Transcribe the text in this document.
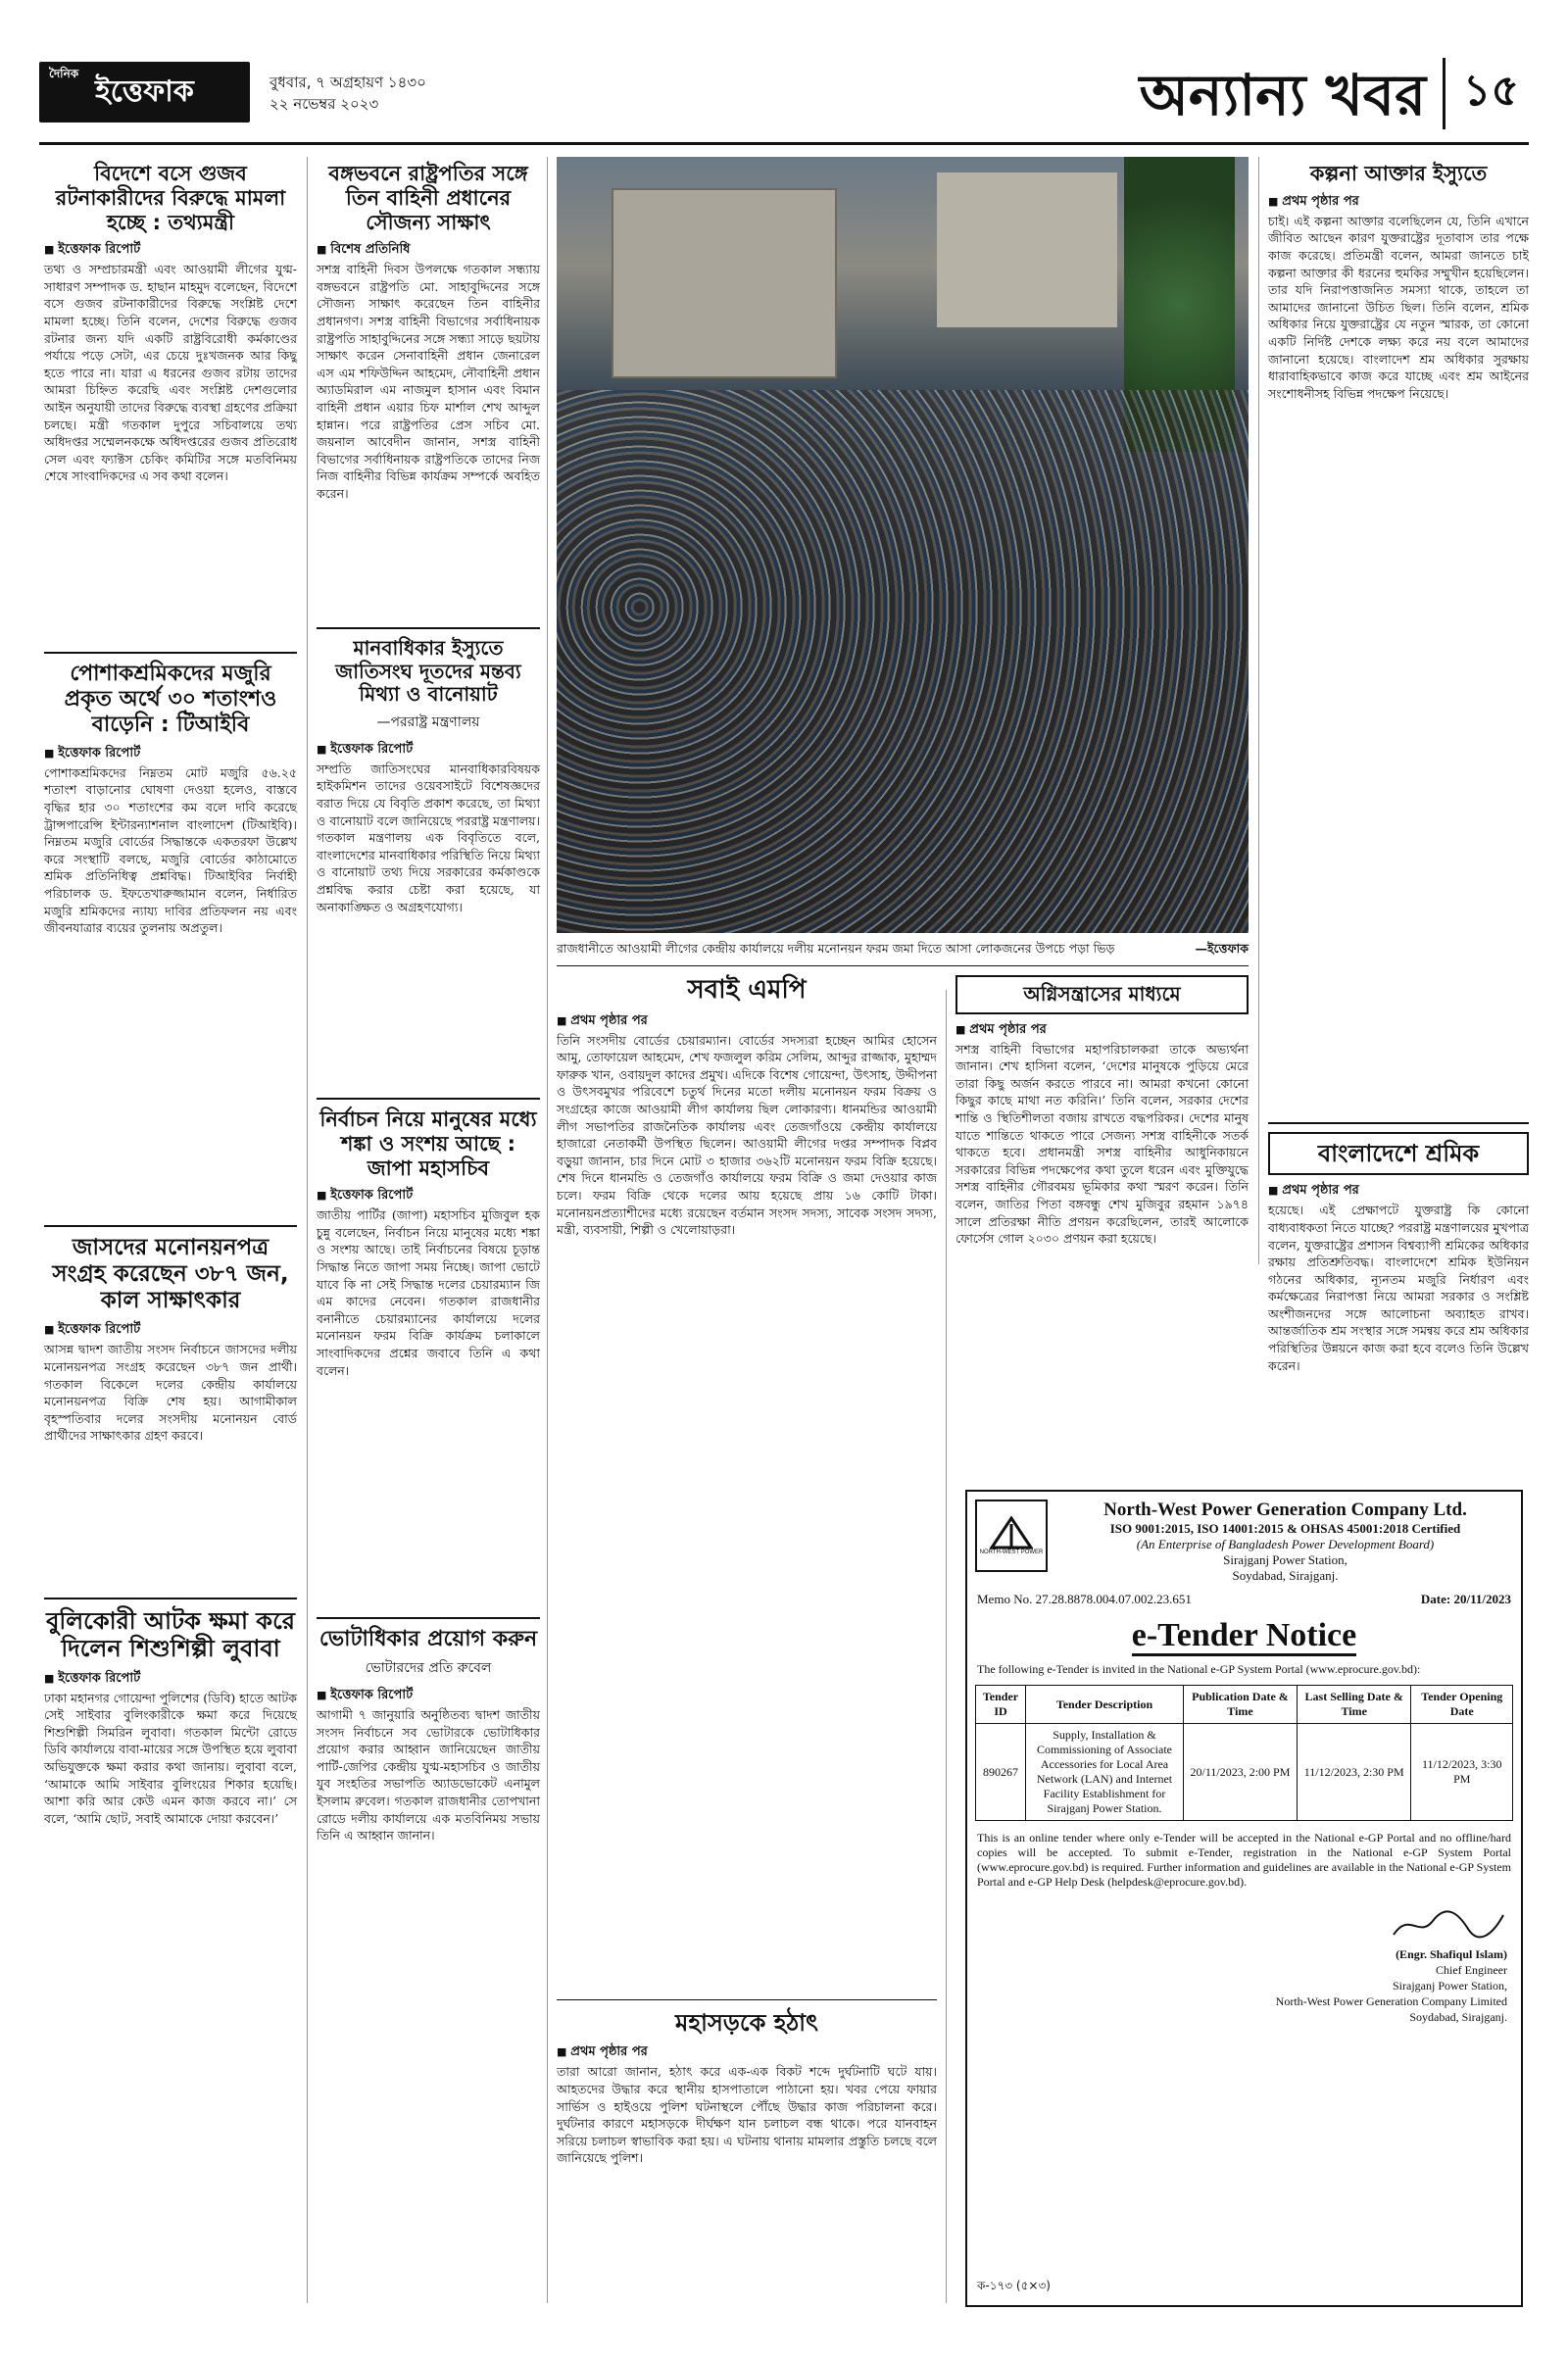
দৈনিক
ইত্তেফাক	বুধবার, ৭ অগ্রহায়ণ ১৪৩০
২২ নভেম্বর ২০২৩	অন্যান্য খবর ১৫
বিদেশে বসে গুজব রটনাকারীদের বিরুদ্ধে মামলা হচ্ছে : তথ্যমন্ত্রী
■ ইত্তেফাক রিপোর্ট

তথ্য ও সম্প্রচারমন্ত্রী এবং আওয়ামী লীগের যুগ্ম-সাধারণ সম্পাদক ড. হাছান মাহমুদ বলেছেন, বিদেশে বসে গুজব রটনাকারীদের বিরুদ্ধে সংশ্লিষ্ট দেশে মামলা হচ্ছে। তিনি বলেন, দেশের বিরুদ্ধে গুজব রটনার জন্য যদি একটি রাষ্ট্রবিরোধী কর্মকাণ্ডের পর্যায়ে পড়ে সেটা, এর চেয়ে দুঃখজনক আর কিছু হতে পারে না। যারা এ ধরনের গুজব রটায় তাদের আমরা চিহ্নিত করেছি এবং সংশ্লিষ্ট দেশগুলোর আইন অনুযায়ী তাদের বিরুদ্ধে ব্যবস্থা গ্রহণের প্রক্রিয়া চলছে। মন্ত্রী গতকাল দুপুরে সচিবালয়ে তথ্য অধিদপ্তর সম্মেলনকক্ষে অধিদপ্তরের গুজব প্রতিরোধ সেল এবং ফ্যাক্টস চেকিং কমিটির সঙ্গে মতবিনিময় শেষে সাংবাদিকদের এ সব কথা বলেন।

পোশাকশ্রমিকদের মজুরি প্রকৃত অর্থে ৩০ শতাংশও বাড়েনি : টিআইবি
■ ইত্তেফাক রিপোর্ট

পোশাকশ্রমিকদের নিম্নতম মোট মজুরি ৫৬.২৫ শতাংশ বাড়ানোর ঘোষণা দেওয়া হলেও, বাস্তবে বৃদ্ধির হার ৩০ শতাংশের কম বলে দাবি করেছে ট্রান্সপারেন্সি ইন্টারন্যাশনাল বাংলাদেশ (টিআইবি)। নিম্নতম মজুরি বোর্ডের সিদ্ধান্তকে একতরফা উল্লেখ করে সংস্থাটি বলছে, মজুরি বোর্ডের কাঠামোতে শ্রমিক প্রতিনিধিত্ব প্রশ্নবিদ্ধ। টিআইবির নির্বাহী পরিচালক ড. ইফতেখারুজ্জামান বলেন, নির্ধারিত মজুরি শ্রমিকদের ন্যায্য দাবির প্রতিফলন নয় এবং জীবনযাত্রার ব্যয়ের তুলনায় অপ্রতুল।

জাসদের মনোনয়নপত্র সংগ্রহ করেছেন ৩৮৭ জন, কাল সাক্ষাৎকার
■ ইত্তেফাক রিপোর্ট

আসন্ন দ্বাদশ জাতীয় সংসদ নির্বাচনে জাসদের দলীয় মনোনয়নপত্র সংগ্রহ করেছেন ৩৮৭ জন প্রার্থী। গতকাল বিকেলে দলের কেন্দ্রীয় কার্যালয়ে মনোনয়নপত্র বিক্রি শেষ হয়। আগামীকাল বৃহস্পতিবার দলের সংসদীয় মনোনয়ন বোর্ড প্রার্থীদের সাক্ষাৎকার গ্রহণ করবে।

বুলিকোরী আটক ক্ষমা করে দিলেন শিশুশিল্পী লুবাবা
■ ইত্তেফাক রিপোর্ট

ঢাকা মহানগর গোয়েন্দা পুলিশের (ডিবি) হাতে আটক সেই সাইবার বুলিংকারীকে ক্ষমা করে দিয়েছে শিশুশিল্পী সিমরিন লুবাবা। গতকাল মিন্টো রোডে ডিবি কার্যালয়ে বাবা-মায়ের সঙ্গে উপস্থিত হয়ে লুবাবা অভিযুক্তকে ক্ষমা করার কথা জানায়। লুবাবা বলে, ‘আমাকে আমি সাইবার বুলিংয়ের শিকার হয়েছি। আশা করি আর কেউ এমন কাজ করবে না।’ সে বলে, ‘আমি ছোট, সবাই আমাকে দোয়া করবেন।’

বঙ্গভবনে রাষ্ট্রপতির সঙ্গে তিন বাহিনী প্রধানের সৌজন্য সাক্ষাৎ
■ বিশেষ প্রতিনিধি

সশস্ত্র বাহিনী দিবস উপলক্ষে গতকাল সন্ধ্যায় বঙ্গভবনে রাষ্ট্রপতি মো. সাহাবুদ্দিনের সঙ্গে সৌজন্য সাক্ষাৎ করেছেন তিন বাহিনীর প্রধানগণ। সশস্ত্র বাহিনী বিভাগের সর্বাধিনায়ক রাষ্ট্রপতি সাহাবুদ্দিনের সঙ্গে সন্ধ্যা সাড়ে ছয়টায় সাক্ষাৎ করেন সেনাবাহিনী প্রধান জেনারেল এস এম শফিউদ্দিন আহমেদ, নৌবাহিনী প্রধান অ্যাডমিরাল এম নাজমুল হাসান এবং বিমান বাহিনী প্রধান এয়ার চিফ মার্শাল শেখ আব্দুল হান্নান। পরে রাষ্ট্রপতির প্রেস সচিব মো. জয়নাল আবেদীন জানান, সশস্ত্র বাহিনী বিভাগের সর্বাধিনায়ক রাষ্ট্রপতিকে তাদের নিজ নিজ বাহিনীর বিভিন্ন কার্যক্রম সম্পর্কে অবহিত করেন।

মানবাধিকার ইস্যুতে জাতিসংঘ দূতদের মন্তব্য মিথ্যা ও বানোয়াট
—পররাষ্ট্র মন্ত্রণালয়
■ ইত্তেফাক রিপোর্ট

সম্প্রতি জাতিসংঘের মানবাধিকারবিষয়ক হাইকমিশন তাদের ওয়েবসাইটে বিশেষজ্ঞদের বরাত দিয়ে যে বিবৃতি প্রকাশ করেছে, তা মিথ্যা ও বানোয়াট বলে জানিয়েছে পররাষ্ট্র মন্ত্রণালয়। গতকাল মন্ত্রণালয় এক বিবৃতিতে বলে, বাংলাদেশের মানবাধিকার পরিস্থিতি নিয়ে মিথ্যা ও বানোয়াট তথ্য দিয়ে সরকারের কর্মকাণ্ডকে প্রশ্নবিদ্ধ করার চেষ্টা করা হয়েছে, যা অনাকাঙ্ক্ষিত ও অগ্রহণযোগ্য।

নির্বাচন নিয়ে মানুষের মধ্যে শঙ্কা ও সংশয় আছে : জাপা মহাসচিব
■ ইত্তেফাক রিপোর্ট

জাতীয় পার্টির (জাপা) মহাসচিব মুজিবুল হক চুন্নু বলেছেন, নির্বাচন নিয়ে মানুষের মধ্যে শঙ্কা ও সংশয় আছে। তাই নির্বাচনের বিষয়ে চূড়ান্ত সিদ্ধান্ত নিতে জাপা সময় নিচ্ছে। জাপা ভোটে যাবে কি না সেই সিদ্ধান্ত দলের চেয়ারম্যান জি এম কাদের নেবেন। গতকাল রাজধানীর বনানীতে চেয়ারম্যানের কার্যালয়ে দলের মনোনয়ন ফরম বিক্রি কার্যক্রম চলাকালে সাংবাদিকদের প্রশ্নের জবাবে তিনি এ কথা বলেন।

ভোটাধিকার প্রয়োগ করুন
ভোটারদের প্রতি রুবেল
■ ইত্তেফাক রিপোর্ট

আগামী ৭ জানুয়ারি অনুষ্ঠিতব্য দ্বাদশ জাতীয় সংসদ নির্বাচনে সব ভোটারকে ভোটাধিকার প্রয়োগ করার আহ্বান জানিয়েছেন জাতীয় পার্টি-জেপির কেন্দ্রীয় যুগ্ম-মহাসচিব ও জাতীয় যুব সংহতির সভাপতি অ্যাডভোকেট এনামুল ইসলাম রুবেল। গতকাল রাজধানীর তোপখানা রোডে দলীয় কার্যালয়ে এক মতবিনিময় সভায় তিনি এ আহ্বান জানান।

রাজধানীতে আওয়ামী লীগের কেন্দ্রীয় কার্যালয়ে দলীয় মনোনয়ন ফরম জমা দিতে আসা লোকজনের উপচে পড়া ভিড়	—ইত্তেফাক
সবাই এমপি
■ প্রথম পৃষ্ঠার পর

তিনি সংসদীয় বোর্ডের চেয়ারম্যান। বোর্ডের সদস্যরা হচ্ছেন আমির হোসেন আমু, তোফায়েল আহমেদ, শেখ ফজলুল করিম সেলিম, আব্দুর রাজ্জাক, মুহাম্মদ ফারুক খান, ওবায়দুল কাদের প্রমুখ। এদিকে বিশেষ গোয়েন্দা, উৎসাহ, উদ্দীপনা ও উৎসবমুখর পরিবেশে চতুর্থ দিনের মতো দলীয় মনোনয়ন ফরম বিক্রয় ও সংগ্রহের কাজে আওয়ামী লীগ কার্যালয় ছিল লোকারণ্য। ধানমন্ডির আওয়ামী লীগ সভাপতির রাজনৈতিক কার্যালয় এবং তেজগাঁওয়ে কেন্দ্রীয় কার্যালয়ে হাজারো নেতাকর্মী উপস্থিত ছিলেন। আওয়ামী লীগের দপ্তর সম্পাদক বিপ্লব বড়ুয়া জানান, চার দিনে মোট ৩ হাজার ৩৬২টি মনোনয়ন ফরম বিক্রি হয়েছে। শেষ দিনে ধানমন্ডি ও তেজগাঁও কার্যালয়ে ফরম বিক্রি ও জমা দেওয়ার কাজ চলে। ফরম বিক্রি থেকে দলের আয় হয়েছে প্রায় ১৬ কোটি টাকা। মনোনয়নপ্রত্যাশীদের মধ্যে রয়েছেন বর্তমান সংসদ সদস্য, সাবেক সংসদ সদস্য, মন্ত্রী, ব্যবসায়ী, শিল্পী ও খেলোয়াড়রা।

অগ্নিসন্ত্রাসের মাধ্যমে
■ প্রথম পৃষ্ঠার পর

সশস্ত্র বাহিনী বিভাগের মহাপরিচালকরা তাকে অভ্যর্থনা জানান। শেখ হাসিনা বলেন, ‘দেশের মানুষকে পুড়িয়ে মেরে তারা কিছু অর্জন করতে পারবে না। আমরা কখনো কোনো কিছুর কাছে মাথা নত করিনি।’ তিনি বলেন, সরকার দেশের শান্তি ও স্থিতিশীলতা বজায় রাখতে বদ্ধপরিকর। দেশের মানুষ যাতে শান্তিতে থাকতে পারে সেজন্য সশস্ত্র বাহিনীকে সতর্ক থাকতে হবে। প্রধানমন্ত্রী সশস্ত্র বাহিনীর আধুনিকায়নে সরকারের বিভিন্ন পদক্ষেপের কথা তুলে ধরেন এবং মুক্তিযুদ্ধে সশস্ত্র বাহিনীর গৌরবময় ভূমিকার কথা স্মরণ করেন। তিনি বলেন, জাতির পিতা বঙ্গবন্ধু শেখ মুজিবুর রহমান ১৯৭৪ সালে প্রতিরক্ষা নীতি প্রণয়ন করেছিলেন, তারই আলোকে ফোর্সেস গোল ২০৩০ প্রণয়ন করা হয়েছে।

মহাসড়কে হঠাৎ
■ প্রথম পৃষ্ঠার পর

তারা আরো জানান, হঠাৎ করে এক-এক বিকট শব্দে দুর্ঘটনাটি ঘটে যায়। আহতদের উদ্ধার করে স্থানীয় হাসপাতালে পাঠানো হয়। খবর পেয়ে ফায়ার সার্ভিস ও হাইওয়ে পুলিশ ঘটনাস্থলে পৌঁছে উদ্ধার কাজ পরিচালনা করে। দুর্ঘটনার কারণে মহাসড়কে দীর্ঘক্ষণ যান চলাচল বন্ধ থাকে। পরে যানবাহন সরিয়ে চলাচল স্বাভাবিক করা হয়। এ ঘটনায় থানায় মামলার প্রস্তুতি চলছে বলে জানিয়েছে পুলিশ।

কল্পনা আক্তার ইস্যুতে
■ প্রথম পৃষ্ঠার পর

চাই। এই কল্পনা আক্তার বলেছিলেন যে, তিনি এখানে জীবিত আছেন কারণ যুক্তরাষ্ট্রের দূতাবাস তার পক্ষে কাজ করেছে। প্রতিমন্ত্রী বলেন, আমরা জানতে চাই কল্পনা আক্তার কী ধরনের হুমকির সম্মুখীন হয়েছিলেন। তার যদি নিরাপত্তাজনিত সমস্যা থাকে, তাহলে তা আমাদের জানানো উচিত ছিল। তিনি বলেন, শ্রমিক অধিকার নিয়ে যুক্তরাষ্ট্রের যে নতুন স্মারক, তা কোনো একটি নির্দিষ্ট দেশকে লক্ষ্য করে নয় বলে আমাদের জানানো হয়েছে। বাংলাদেশ শ্রম অধিকার সুরক্ষায় ধারাবাহিকভাবে কাজ করে যাচ্ছে এবং শ্রম আইনের সংশোধনীসহ বিভিন্ন পদক্ষেপ নিয়েছে।

বাংলাদেশে শ্রমিক
■ প্রথম পৃষ্ঠার পর

হয়েছে। এই প্রেক্ষাপটে যুক্তরাষ্ট্র কি কোনো বাধ্যবাধকতা নিতে যাচ্ছে? পররাষ্ট্র মন্ত্রণালয়ের মুখপাত্র বলেন, যুক্তরাষ্ট্রের প্রশাসন বিশ্বব্যাপী শ্রমিকের অধিকার রক্ষায় প্রতিশ্রুতিবদ্ধ। বাংলাদেশে শ্রমিক ইউনিয়ন গঠনের অধিকার, ন্যূনতম মজুরি নির্ধারণ এবং কর্মক্ষেত্রের নিরাপত্তা নিয়ে আমরা সরকার ও সংশ্লিষ্ট অংশীজনদের সঙ্গে আলোচনা অব্যাহত রাখব। আন্তর্জাতিক শ্রম সংস্থার সঙ্গে সমন্বয় করে শ্রম অধিকার পরিস্থিতির উন্নয়নে কাজ করা হবে বলেও তিনি উল্লেখ করেন।

NORTH-WEST POWER
North-West Power Generation Company Ltd.
ISO 9001:2015, ISO 14001:2015 & OHSAS 45001:2018 Certified
(An Enterprise of Bangladesh Power Development Board)
Sirajganj Power Station,
Soydabad, Sirajganj.
Memo No. 27.28.8878.004.07.002.23.651	Date: 20/11/2023
e-Tender Notice
The following e-Tender is invited in the National e-GP System Portal (www.eprocure.gov.bd):
Tender ID	Tender Description	Publication Date & Time	Last Selling Date & Time	Tender Opening Date
890267	Supply, Installation & Commissioning of Associate Accessories for Local Area Network (LAN) and Internet Facility Establishment for Sirajganj Power Station.	20/11/2023, 2:00 PM	11/12/2023, 2:30 PM	11/12/2023, 3:30 PM
This is an online tender where only e-Tender will be accepted in the National e-GP Portal and no offline/hard copies will be accepted. To submit e-Tender, registration in the National e-GP System Portal (www.eprocure.gov.bd) is required. Further information and guidelines are available in the National e-GP System Portal and e-GP Help Desk (helpdesk@eprocure.gov.bd).
(Engr. Shafiqul Islam)
Chief Engineer
Sirajganj Power Station,
North-West Power Generation Company Limited
Soydabad, Sirajganj.
ক-১৭৩ (৫×৩)
